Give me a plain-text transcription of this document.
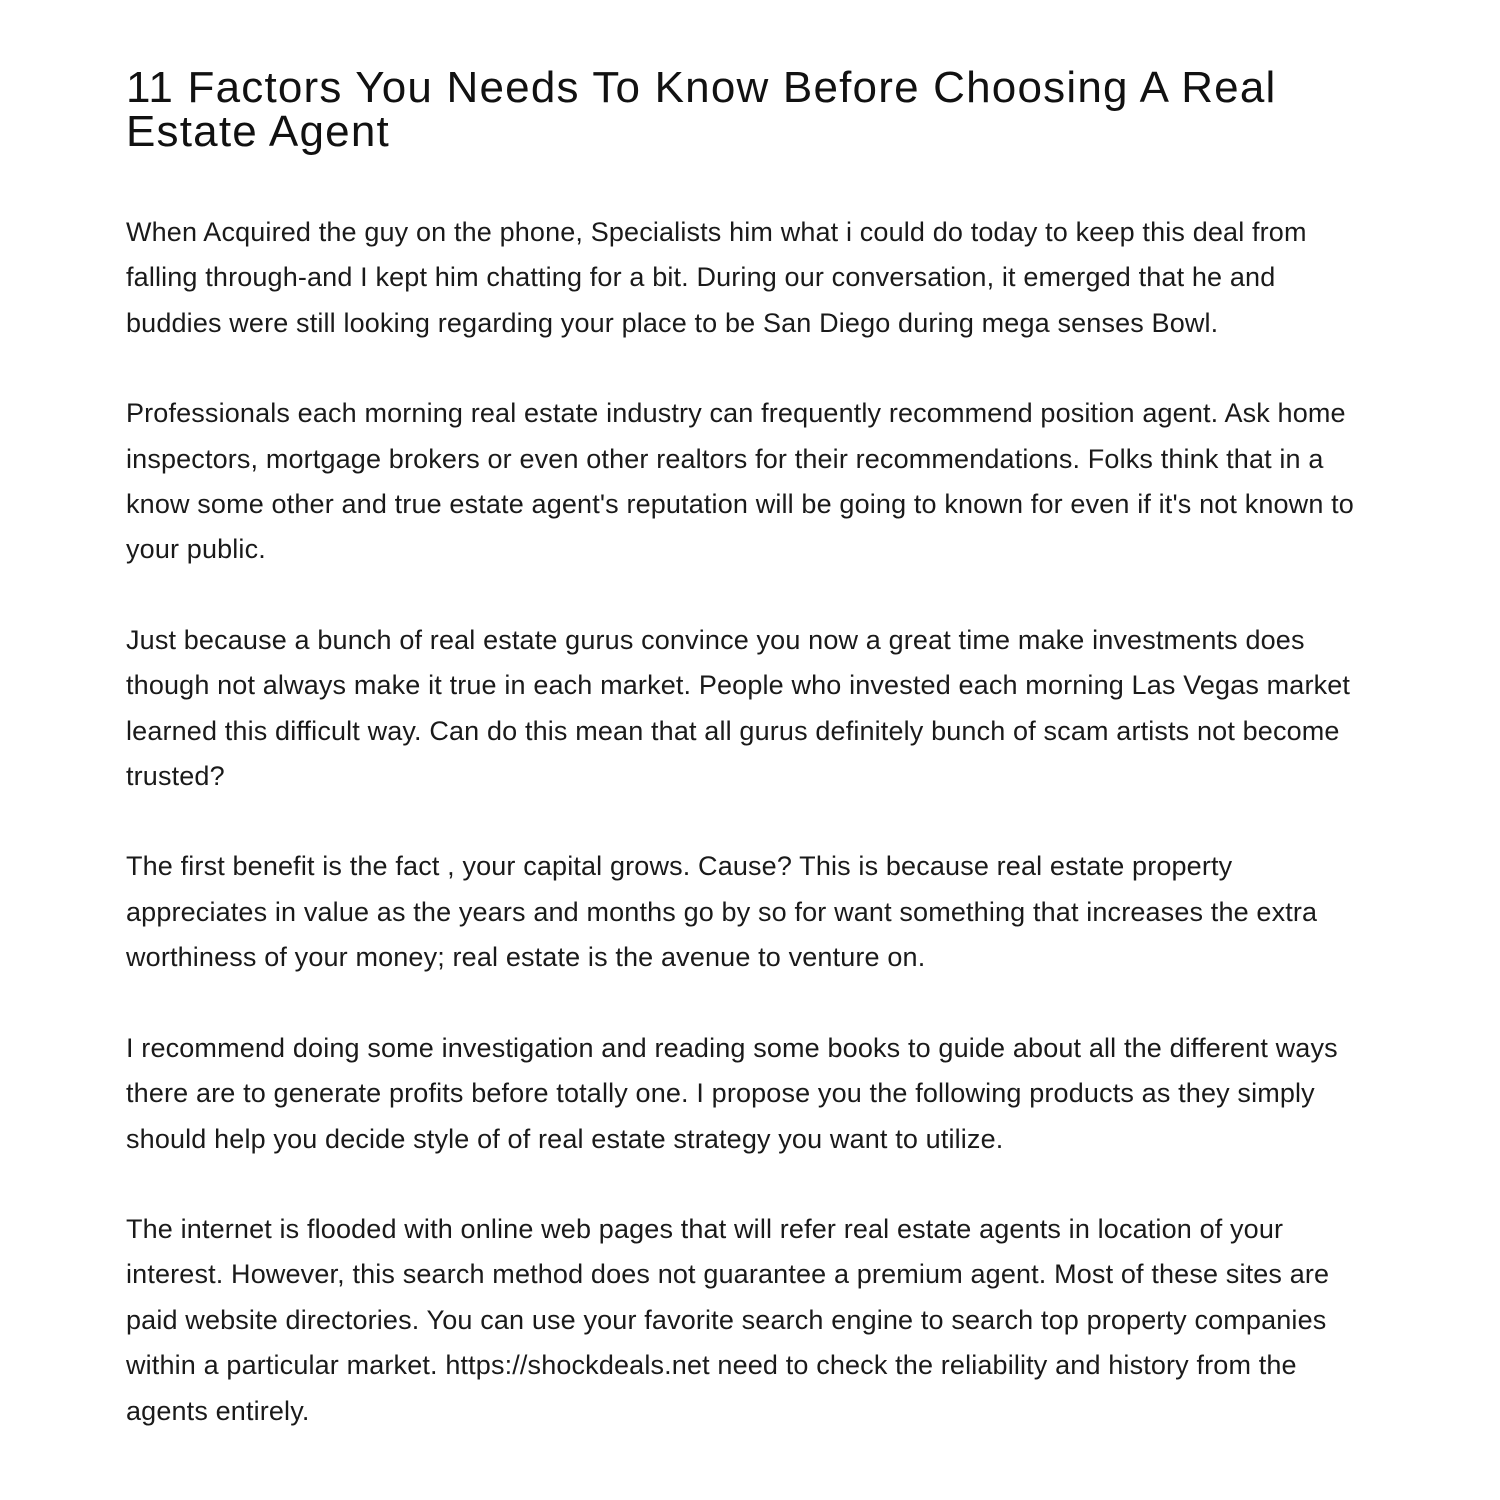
11 Factors You Needs To Know Before Choosing A Real Estate Agent

When Acquired the guy on the phone, Specialists him what i could do today to keep this deal from falling through-and I kept him chatting for a bit. During our conversation, it emerged that he and buddies were still looking regarding your place to be San Diego during mega senses Bowl.

Professionals each morning real estate industry can frequently recommend position agent. Ask home inspectors, mortgage brokers or even other realtors for their recommendations. Folks think that in a know some other and true estate agent's reputation will be going to known for even if it's not known to your public.

Just because a bunch of real estate gurus convince you now a great time make investments does though not always make it true in each market. People who invested each morning Las Vegas market learned this difficult way. Can do this mean that all gurus definitely bunch of scam artists not become trusted?

The first benefit is the fact , your capital grows. Cause? This is because real estate property appreciates in value as the years and months go by so for want something that increases the extra worthiness of your money; real estate is the avenue to venture on.

I recommend doing some investigation and reading some books to guide about all the different ways there are to generate profits before totally one. I propose you the following products as they simply should help you decide style of of real estate strategy you want to utilize.

The internet is flooded with online web pages that will refer real estate agents in location of your interest. However, this search method does not guarantee a premium agent. Most of these sites are paid website directories. You can use your favorite search engine to search top property companies within a particular market. https://shockdeals.net need to check the reliability and history from the agents entirely.
